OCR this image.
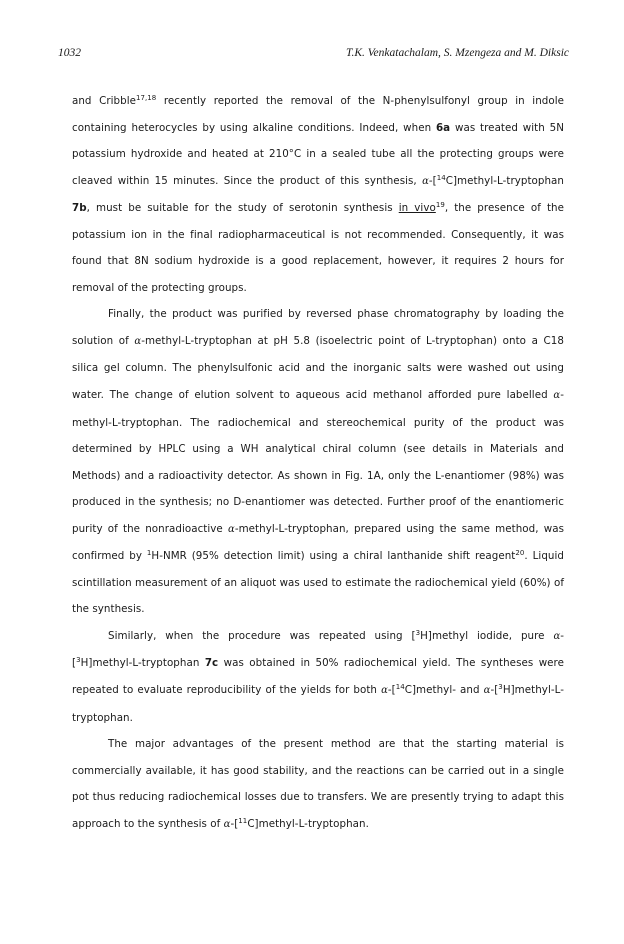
1032	T.K. Venkatachalam, S. Mzengeza and M. Diksic

and Cribble$^{17,18}$ recently reported the removal of the N-phenylsulfonyl group in indole containing heterocycles by using alkaline conditions. Indeed, when 6a was treated with 5N potassium hydroxide and heated at 210°C in a sealed tube all the protecting groups were cleaved within 15 minutes. Since the product of this synthesis, α-[$^{14}$C]methyl-L-tryptophan 7b, must be suitable for the study of serotonin synthesis in vivo$^{19}$, the presence of the potassium ion in the final radiopharmaceutical is not recommended. Consequently, it was found that 8N sodium hydroxide is a good replacement, however, it requires 2 hours for removal of the protecting groups.

Finally, the product was purified by reversed phase chromatography by loading the solution of α-methyl-L-tryptophan at pH 5.8 (isoelectric point of L-tryptophan) onto a C18 silica gel column. The phenylsulfonic acid and the inorganic salts were washed out using water. The change of elution solvent to aqueous acid methanol afforded pure labelled α-methyl-L-tryptophan. The radiochemical and stereochemical purity of the product was determined by HPLC using a WH analytical chiral column (see details in Materials and Methods) and a radioactivity detector. As shown in Fig. 1A, only the L-enantiomer (98%) was produced in the synthesis; no D-enantiomer was detected. Further proof of the enantiomeric purity of the nonradioactive α-methyl-L-tryptophan, prepared using the same method, was confirmed by $^1$H-NMR (95% detection limit) using a chiral lanthanide shift reagent$^{20}$. Liquid scintillation measurement of an aliquot was used to estimate the radiochemical yield (60%) of the synthesis.

Similarly, when the procedure was repeated using [$^3$H]methyl iodide, pure α-[$^3$H]methyl-L-tryptophan 7c was obtained in 50% radiochemical yield. The syntheses were repeated to evaluate reproducibility of the yields for both α-[$^{14}$C]methyl- and α-[$^3$H]methyl-L-tryptophan.

The major advantages of the present method are that the starting material is commercially available, it has good stability, and the reactions can be carried out in a single pot thus reducing radiochemical losses due to transfers. We are presently trying to adapt this approach to the synthesis of α-[$^{11}$C]methyl-L-tryptophan.
